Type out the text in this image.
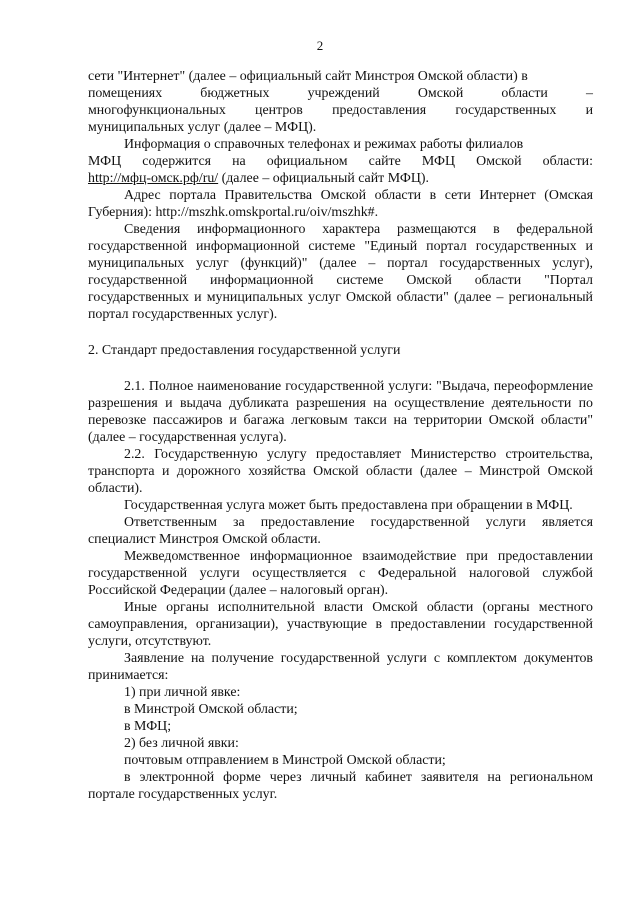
2

сети "Интернет" (далее – официальный сайт Минстроя Омской области) в

помещениях	бюджетных	учреждений	Омской	области	–
многофункциональных центров предоставления государственных и

муниципальных услуг (далее – МФЦ).

Информация о справочных телефонах и режимах работы филиалов

МФЦ содержится на официальном сайте МФЦ Омской области:

http://мфц-омск.рф/ru/ (далее – официальный сайт МФЦ).

Адрес портала Правительства Омской области в сети Интернет (Омская Губерния): http://mszhk.omskportal.ru/oiv/mszhk#.

Сведения информационного характера размещаются в федеральной государственной информационной системе "Единый портал государственных и муниципальных услуг (функций)" (далее – портал государственных услуг), государственной информационной системе Омской области "Портал государственных и муниципальных услуг Омской области" (далее – региональный портал государственных услуг).

2. Стандарт предоставления государственной услуги

2.1. Полное наименование государственной услуги: "Выдача, переоформление разрешения и выдача дубликата разрешения на осуществление деятельности по перевозке пассажиров и багажа легковым такси на территории Омской области" (далее – государственная услуга).

2.2. Государственную услугу предоставляет Министерство строительства, транспорта и дорожного хозяйства Омской области (далее – Минстрой Омской области).

Государственная услуга может быть предоставлена при обращении в МФЦ.

Ответственным за предоставление государственной услуги является специалист Минстроя Омской области.

Межведомственное информационное взаимодействие при предоставлении государственной услуги осуществляется с Федеральной налоговой службой Российской Федерации (далее – налоговый орган).

Иные органы исполнительной власти Омской области (органы местного самоуправления, организации), участвующие в предоставлении государственной услуги, отсутствуют.

Заявление на получение государственной услуги с комплектом документов принимается:

1) при личной явке:

в Минстрой Омской области;

в МФЦ;

2) без личной явки:

почтовым отправлением в Минстрой Омской области;

в электронной форме через личный кабинет заявителя на региональном портале государственных услуг.
